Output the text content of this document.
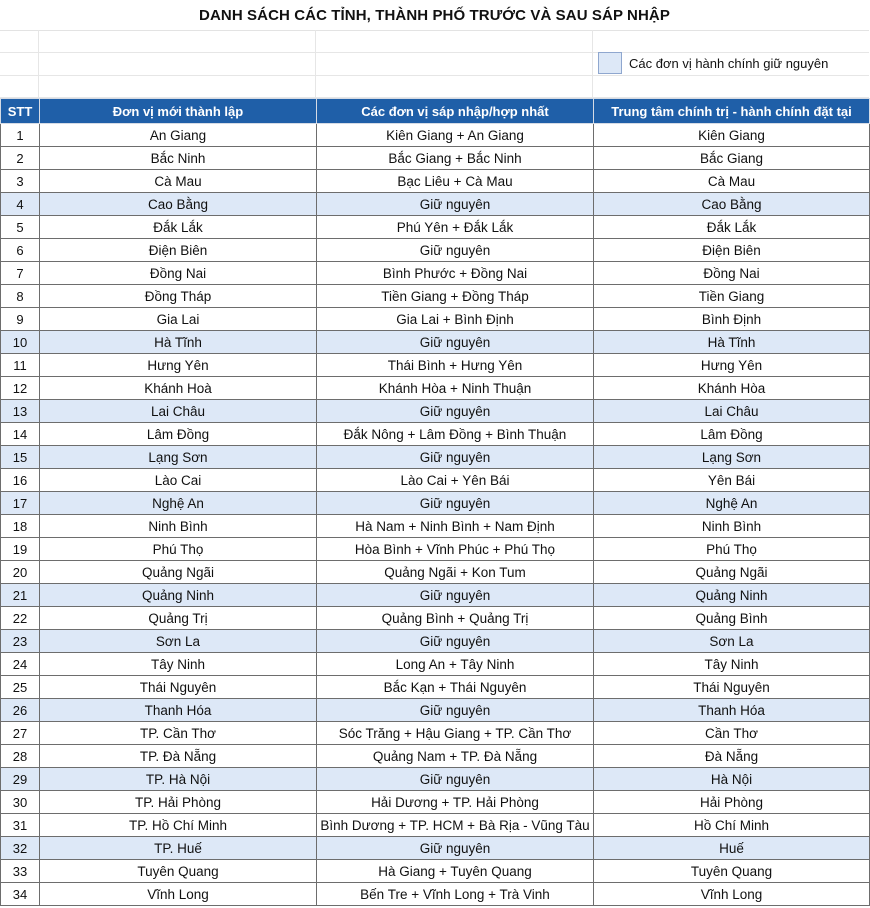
DANH SÁCH CÁC TỈNH, THÀNH PHỐ TRƯỚC VÀ SAU SÁP NHẬP
Các đơn vị hành chính giữ nguyên
STT	Đơn vị mới thành lập	Các đơn vị sáp nhập/hợp nhất	Trung tâm chính trị - hành chính đặt tại
1	An Giang	Kiên Giang + An Giang	Kiên Giang
2	Bắc Ninh	Bắc Giang + Bắc Ninh	Bắc Giang
3	Cà Mau	Bạc Liêu + Cà Mau	Cà Mau
4	Cao Bằng	Giữ nguyên	Cao Bằng
5	Đắk Lắk	Phú Yên + Đắk Lắk	Đắk Lắk
6	Điện Biên	Giữ nguyên	Điện Biên
7	Đồng Nai	Bình Phước + Đồng Nai	Đồng Nai
8	Đồng Tháp	Tiền Giang + Đồng Tháp	Tiền Giang
9	Gia Lai	Gia Lai + Bình Định	Bình Định
10	Hà Tĩnh	Giữ nguyên	Hà Tĩnh
11	Hưng Yên	Thái Bình + Hưng Yên	Hưng Yên
12	Khánh Hoà	Khánh Hòa + Ninh Thuận	Khánh Hòa
13	Lai Châu	Giữ nguyên	Lai Châu
14	Lâm Đồng	Đắk Nông + Lâm Đồng + Bình Thuận	Lâm Đồng
15	Lạng Sơn	Giữ nguyên	Lạng Sơn
16	Lào Cai	Lào Cai + Yên Bái	Yên Bái
17	Nghệ An	Giữ nguyên	Nghệ An
18	Ninh Bình	Hà Nam + Ninh Bình + Nam Định	Ninh Bình
19	Phú Thọ	Hòa Bình + Vĩnh Phúc + Phú Thọ	Phú Thọ
20	Quảng Ngãi	Quảng Ngãi + Kon Tum	Quảng Ngãi
21	Quảng Ninh	Giữ nguyên	Quảng Ninh
22	Quảng Trị	Quảng Bình + Quảng Trị	Quảng Bình
23	Sơn La	Giữ nguyên	Sơn La
24	Tây Ninh	Long An + Tây Ninh	Tây Ninh
25	Thái Nguyên	Bắc Kạn + Thái Nguyên	Thái Nguyên
26	Thanh Hóa	Giữ nguyên	Thanh Hóa
27	TP. Cần Thơ	Sóc Trăng + Hậu Giang + TP. Cần Thơ	Cần Thơ
28	TP. Đà Nẵng	Quảng Nam + TP. Đà Nẵng	Đà Nẵng
29	TP. Hà Nội	Giữ nguyên	Hà Nội
30	TP. Hải Phòng	Hải Dương + TP. Hải Phòng	Hải Phòng
31	TP. Hồ Chí Minh	Bình Dương + TP. HCM + Bà Rịa - Vũng Tàu	Hồ Chí Minh
32	TP. Huế	Giữ nguyên	Huế
33	Tuyên Quang	Hà Giang + Tuyên Quang	Tuyên Quang
34	Vĩnh Long	Bến Tre + Vĩnh Long + Trà Vinh	Vĩnh Long
